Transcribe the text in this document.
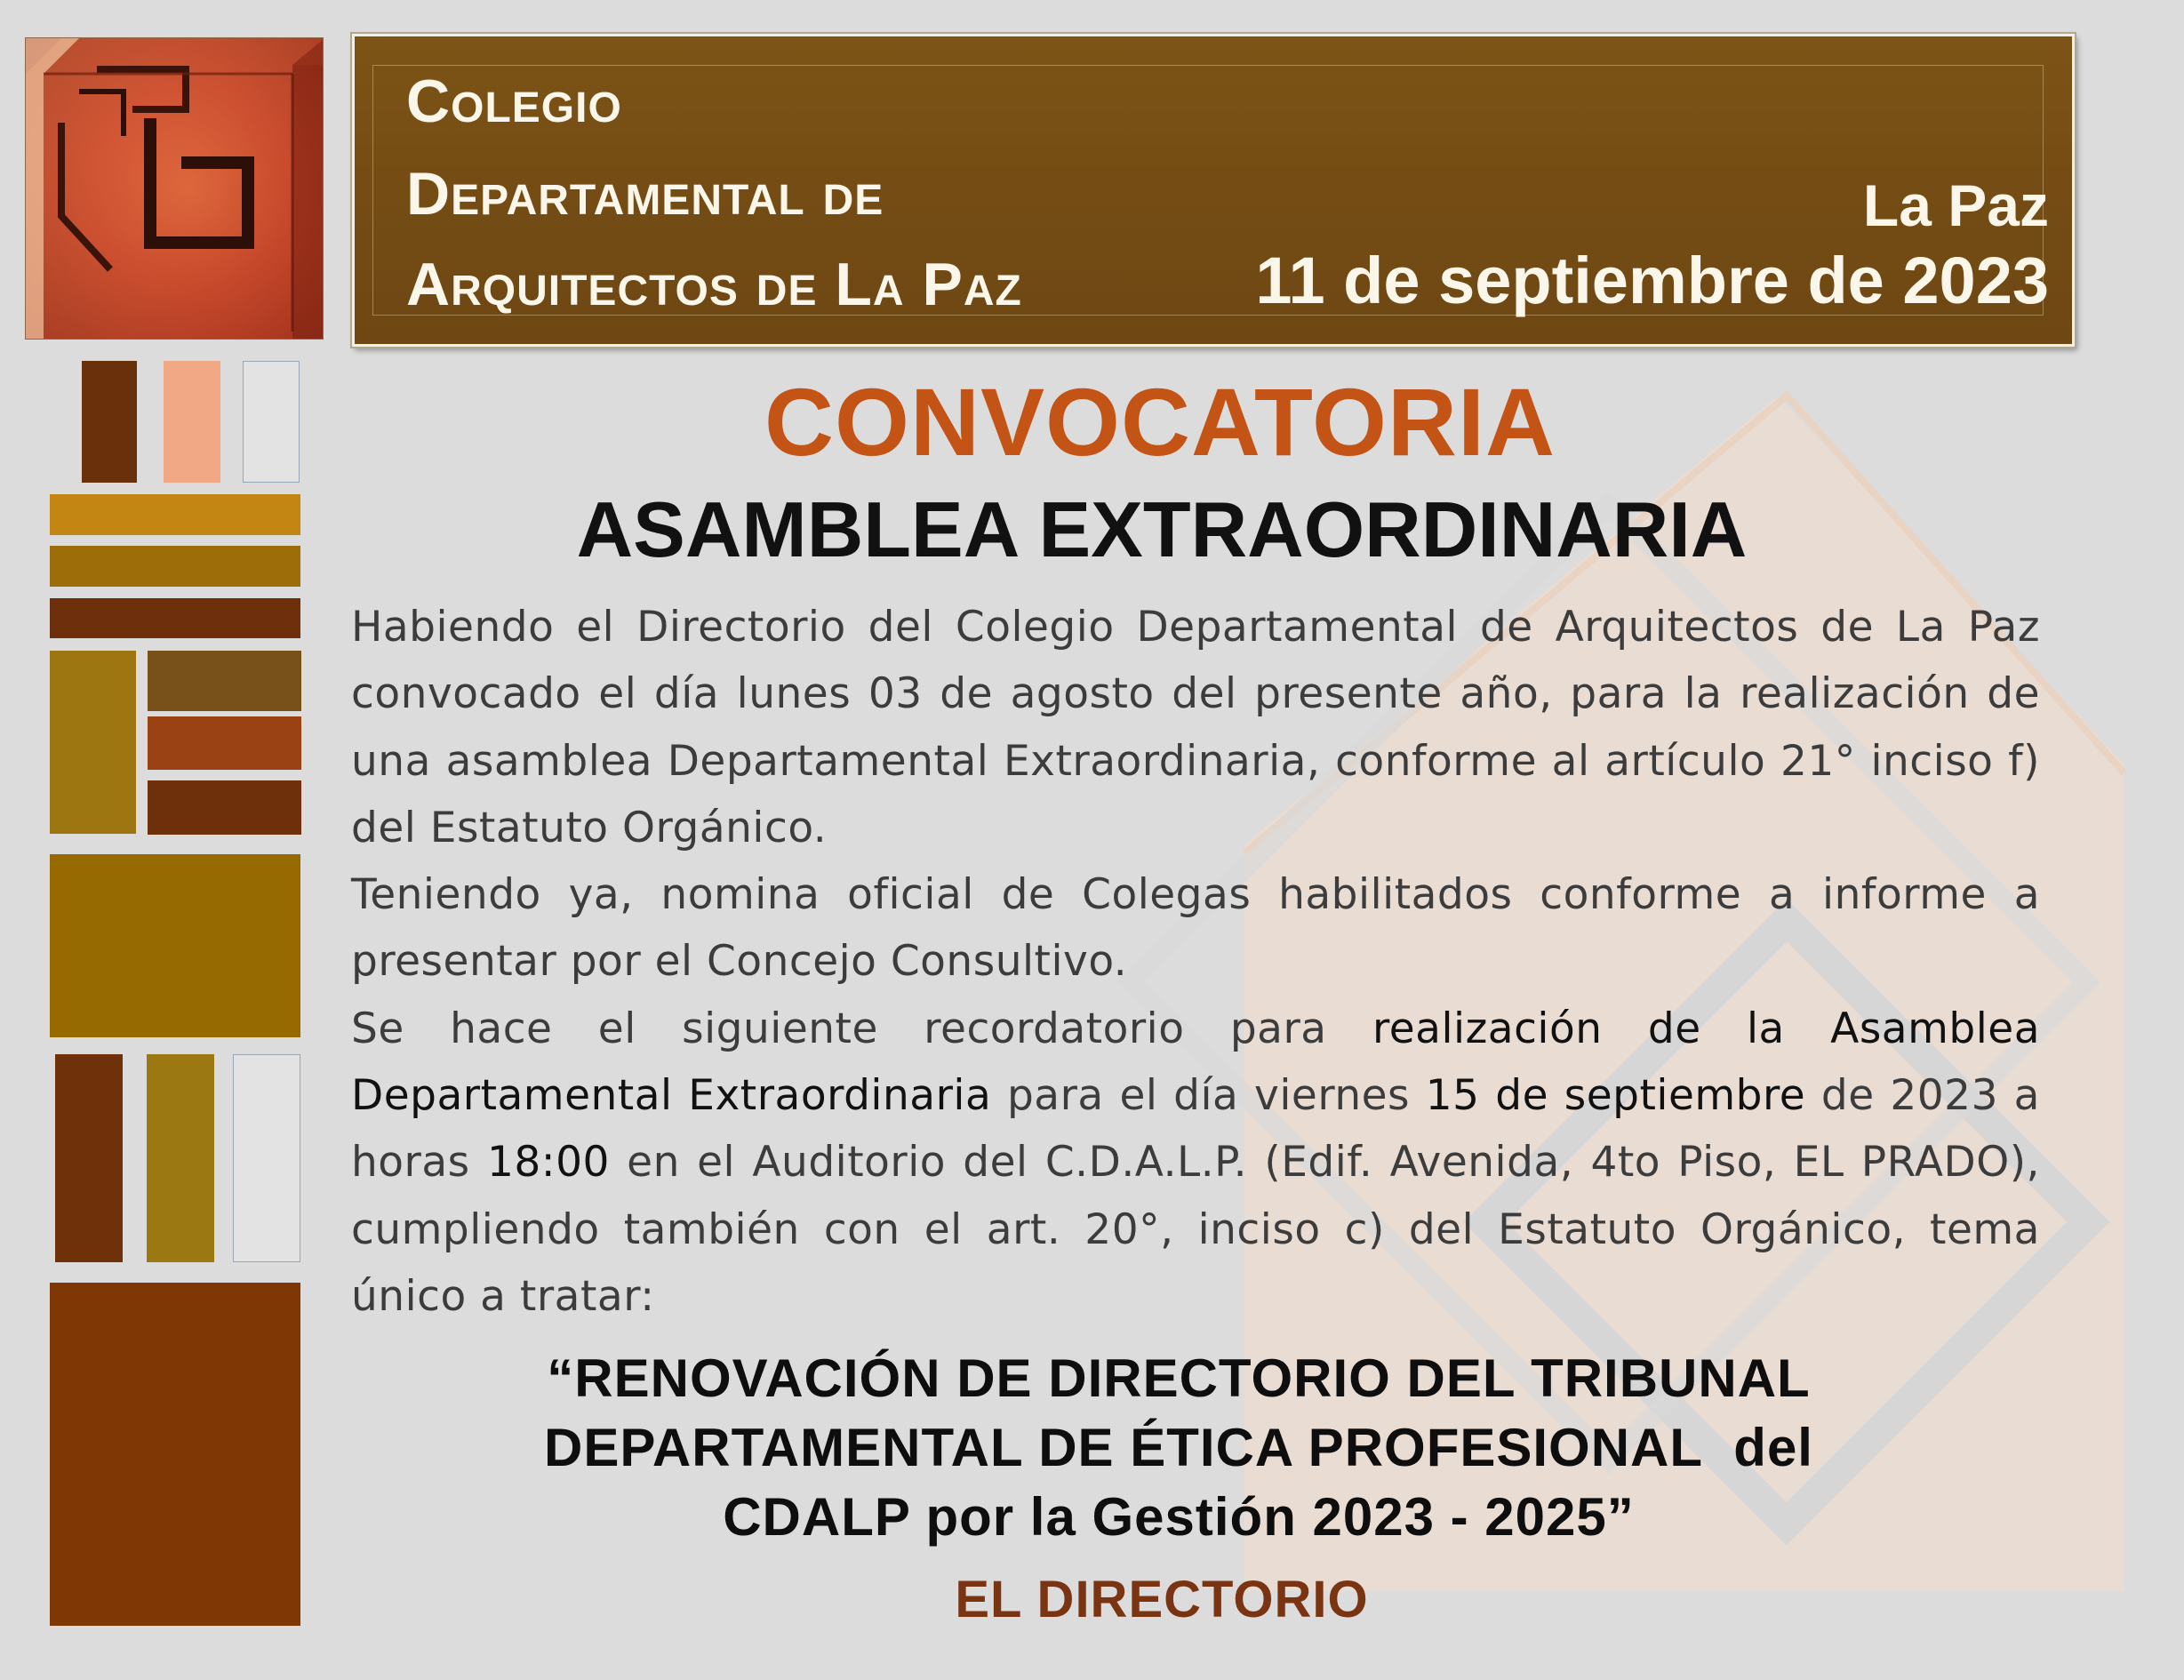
Colegio
Departamental de
Arquitectos de La Paz
La Paz
11 de septiembre de 2023
CONVOCATORIA
ASAMBLEA EXTRAORDINARIA

Habiendo el Directorio del Colegio Departamental de Arquitectos de La Paz convocado el día lunes 03 de agosto del presente año, para la realización de una asamblea Departamental Extraordinaria, conforme al artículo 21° inciso f) del Estatuto Orgánico.

Teniendo ya, nomina oficial de Colegas habilitados conforme a informe a presentar por el Concejo Consultivo.

Se hace el siguiente recordatorio para realización de la Asamblea Departamental Extraordinaria para el día viernes 15 de septiembre de 2023 a horas 18:00 en el Auditorio del C.D.A.L.P. (Edif. Avenida, 4to Piso, EL PRADO), cumpliendo también con el art. 20°, inciso c) del Estatuto Orgánico, tema único a tratar:

“RENOVACIÓN DE DIRECTORIO DEL TRIBUNAL
DEPARTAMENTAL DE ÉTICA PROFESIONAL  del
CDALP por la Gestión 2023 - 2025”
EL DIRECTORIO
